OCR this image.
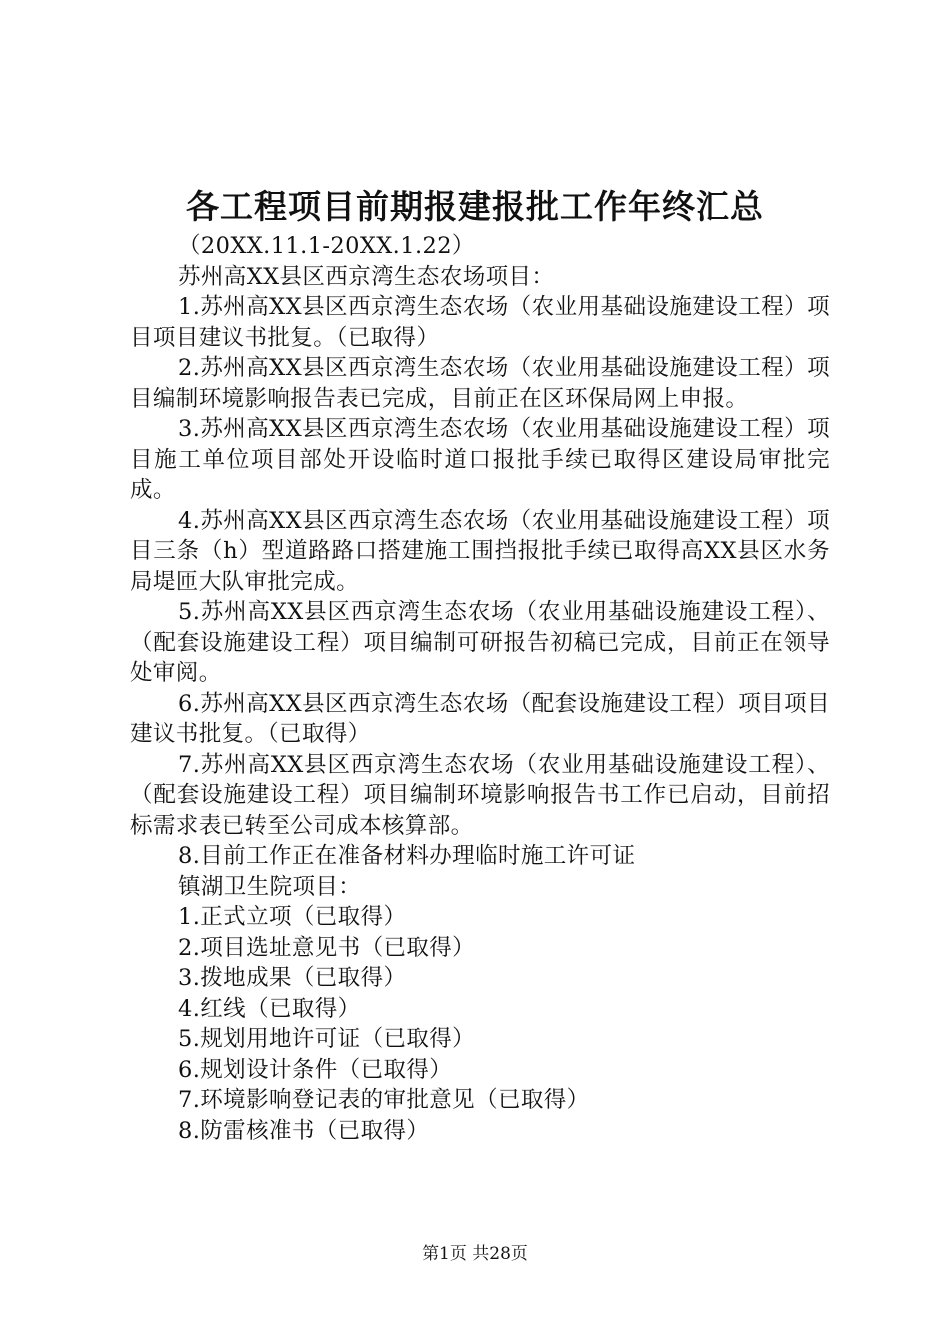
各工程项目前期报建报批工作年终汇总

（20XX.11.1-20XX.1.22）

苏州高XX县区西京湾生态农场项目：

1.苏州高XX县区西京湾生态农场（农业用基础设施建设工程）项目项目建议书批复。（已取得）

2.苏州高XX县区西京湾生态农场（农业用基础设施建设工程）项目编制环境影响报告表已完成，目前正在区环保局网上申报。

3.苏州高XX县区西京湾生态农场（农业用基础设施建设工程）项目施工单位项目部处开设临时道口报批手续已取得区建设局审批完成。

4.苏州高XX县区西京湾生态农场（农业用基础设施建设工程）项目三条（h）型道路路口搭建施工围挡报批手续已取得高XX县区水务局堤匝大队审批完成。

5.苏州高XX县区西京湾生态农场（农业用基础设施建设工程）、（配套设施建设工程）项目编制可研报告初稿已完成，目前正在领导处审阅。

6.苏州高XX县区西京湾生态农场（配套设施建设工程）项目项目建议书批复。（已取得）

7.苏州高XX县区西京湾生态农场（农业用基础设施建设工程）、（配套设施建设工程）项目编制环境影响报告书工作已启动，目前招标需求表已转至公司成本核算部。

8.目前工作正在准备材料办理临时施工许可证

镇湖卫生院项目：

1.正式立项（已取得）

2.项目选址意见书（已取得）

3.拨地成果（已取得）

4.红线（已取得）

5.规划用地许可证（已取得）

6.规划设计条件（已取得）

7.环境影响登记表的审批意见（已取得）

8.防雷核准书（已取得）

第1页 共28页
